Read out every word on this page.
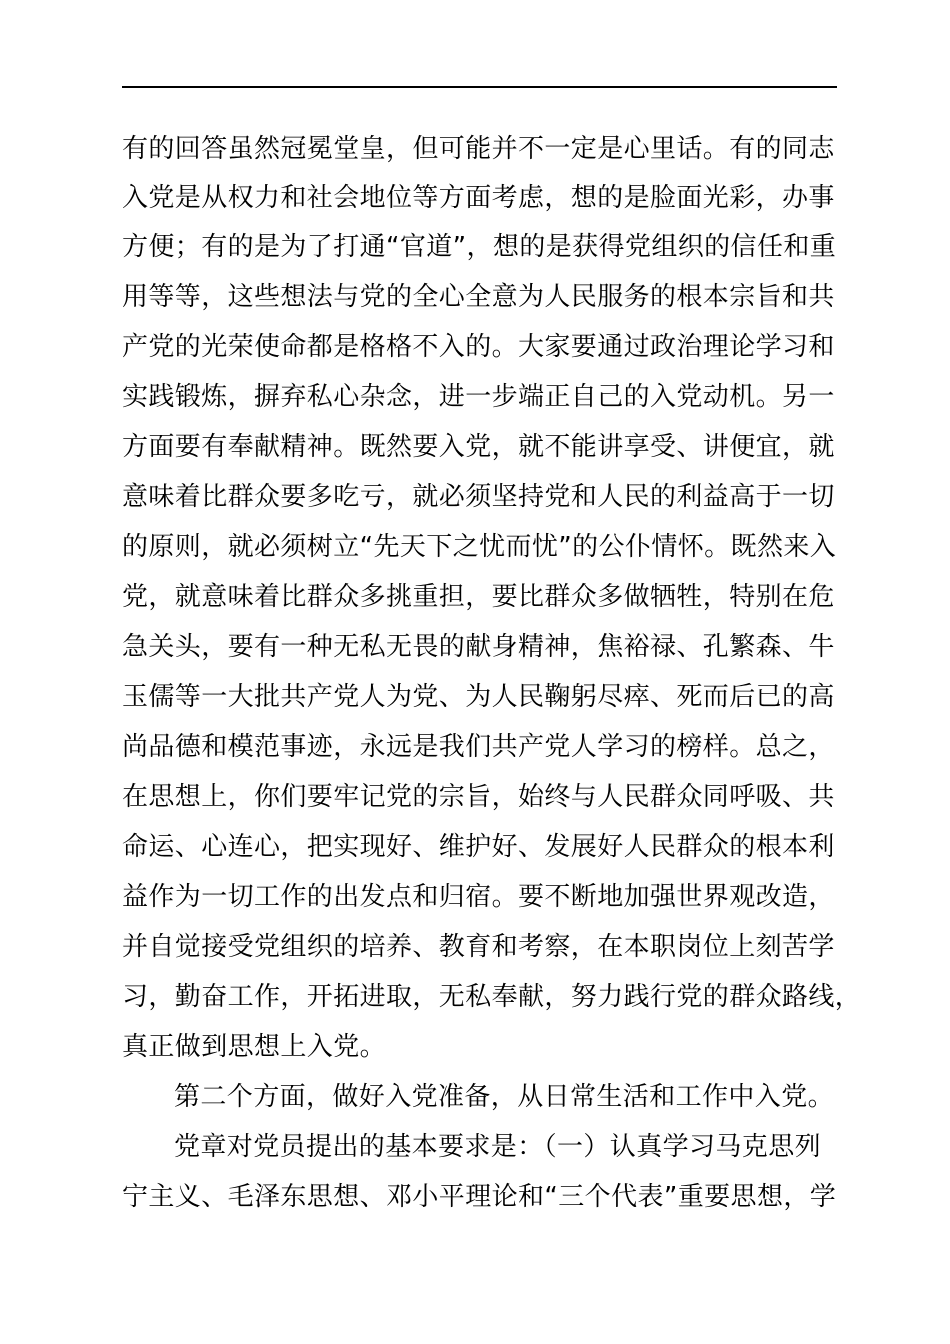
有的回答虽然冠冕堂皇，但可能并不一定是心里话。有的同志
入党是从权力和社会地位等方面考虑，想的是脸面光彩，办事
方便；有的是为了打通“官道”，想的是获得党组织的信任和重
用等等，这些想法与党的全心全意为人民服务的根本宗旨和共
产党的光荣使命都是格格不入的。大家要通过政治理论学习和
实践锻炼，摒弃私心杂念，进一步端正自己的入党动机。另一
方面要有奉献精神。既然要入党，就不能讲享受、讲便宜，就
意味着比群众要多吃亏，就必须坚持党和人民的利益高于一切
的原则，就必须树立“先天下之忧而忧”的公仆情怀。既然来入
党，就意味着比群众多挑重担，要比群众多做牺牲，特别在危
急关头，要有一种无私无畏的献身精神，焦裕禄、孔繁森、牛
玉儒等一大批共产党人为党、为人民鞠躬尽瘁、死而后已的高
尚品德和模范事迹，永远是我们共产党人学习的榜样。总之，
在思想上，你们要牢记党的宗旨，始终与人民群众同呼吸、共
命运、心连心，把实现好、维护好、发展好人民群众的根本利
益作为一切工作的出发点和归宿。要不断地加强世界观改造，
并自觉接受党组织的培养、教育和考察，在本职岗位上刻苦学
习，勤奋工作，开拓进取，无私奉献，努力践行党的群众路线，
真正做到思想上入党。
第二个方面，做好入党准备，从日常生活和工作中入党。
党章对党员提出的基本要求是：（一）认真学习马克思列
宁主义、毛泽东思想、邓小平理论和“三个代表”重要思想，学
